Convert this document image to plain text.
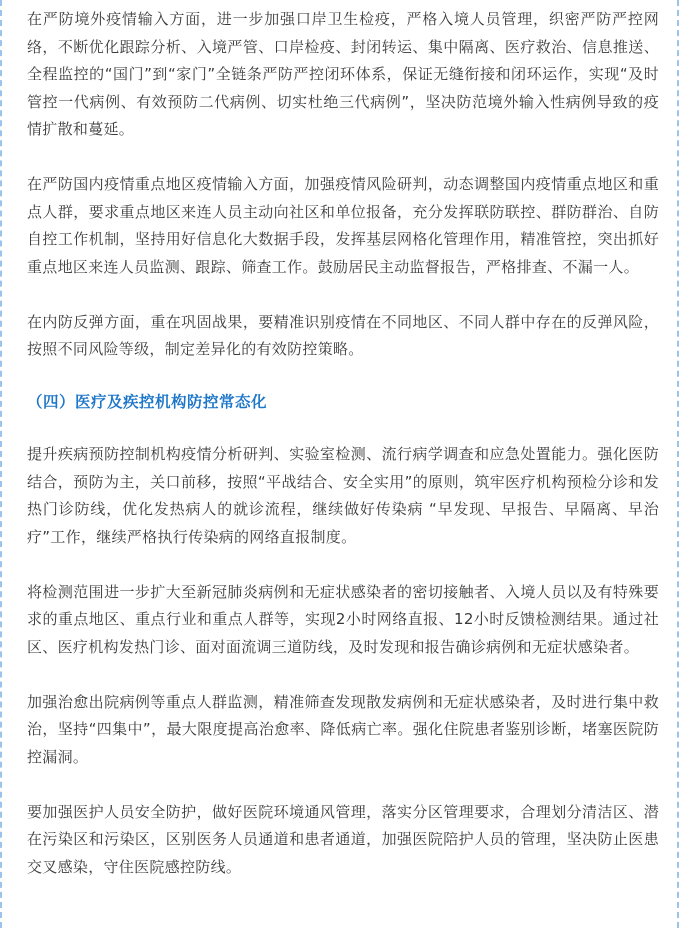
在严防境外疫情输入方面，进一步加强口岸卫生检疫，严格入境人员管理，织密严防严控网络，不断优化跟踪分析、入境严管、口岸检疫、封闭转运、集中隔离、医疗救治、信息推送、全程监控的“国门”到“家门”全链条严防严控闭环体系，保证无缝衔接和闭环运作，实现“及时管控一代病例、有效预防二代病例、切实杜绝三代病例”，坚决防范境外输入性病例导致的疫情扩散和蔓延。

在严防国内疫情重点地区疫情输入方面，加强疫情风险研判，动态调整国内疫情重点地区和重点人群，要求重点地区来连人员主动向社区和单位报备，充分发挥联防联控、群防群治、自防自控工作机制，坚持用好信息化大数据手段，发挥基层网格化管理作用，精准管控，突出抓好重点地区来连人员监测、跟踪、筛查工作。鼓励居民主动监督报告，严格排查、不漏一人。

在内防反弹方面，重在巩固战果，要精准识别疫情在不同地区、不同人群中存在的反弹风险，按照不同风险等级，制定差异化的有效防控策略。

（四）医疗及疾控机构防控常态化

提升疾病预防控制机构疫情分析研判、实验室检测、流行病学调查和应急处置能力。强化医防结合，预防为主，关口前移，按照“平战结合、安全实用”的原则，筑牢医疗机构预检分诊和发热门诊防线，优化发热病人的就诊流程，继续做好传染病 “早发现、早报告、早隔离、早治疗”工作，继续严格执行传染病的网络直报制度。

将检测范围进一步扩大至新冠肺炎病例和无症状感染者的密切接触者、入境人员以及有特殊要求的重点地区、重点行业和重点人群等，实现2小时网络直报、12小时反馈检测结果。通过社区、医疗机构发热门诊、面对面流调三道防线，及时发现和报告确诊病例和无症状感染者。

加强治愈出院病例等重点人群监测，精准筛查发现散发病例和无症状感染者，及时进行集中救治，坚持“四集中”，最大限度提高治愈率、降低病亡率。强化住院患者鉴别诊断，堵塞医院防控漏洞。

要加强医护人员安全防护，做好医院环境通风管理，落实分区管理要求，合理划分清洁区、潜在污染区和污染区，区别医务人员通道和患者通道，加强医院陪护人员的管理，坚决防止医患交叉感染，守住医院感控防线。
